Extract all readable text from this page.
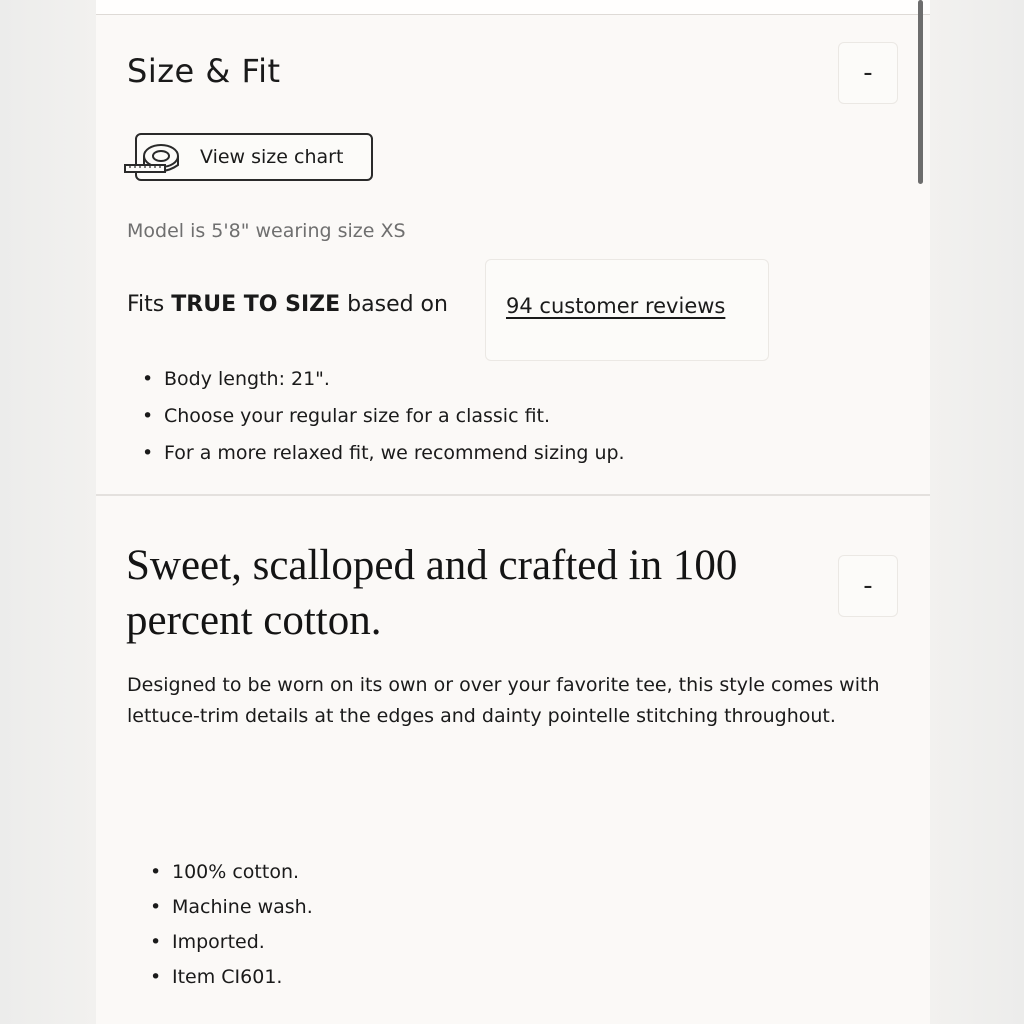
Size & Fit	-
View size chart
Model is 5'8" wearing size XS
Fits TRUE TO SIZE based on	94 customer reviews
• Body length: 21".
• Choose your regular size for a classic fit.
• For a more relaxed fit, we recommend sizing up.
Sweet, scalloped and crafted in 100 percent cotton.
-

Designed to be worn on its own or over your favorite tee, this style comes with lettuce-trim details at the edges and dainty pointelle stitching throughout.

• 100% cotton.
• Machine wash.
• Imported.
• Item CI601.
